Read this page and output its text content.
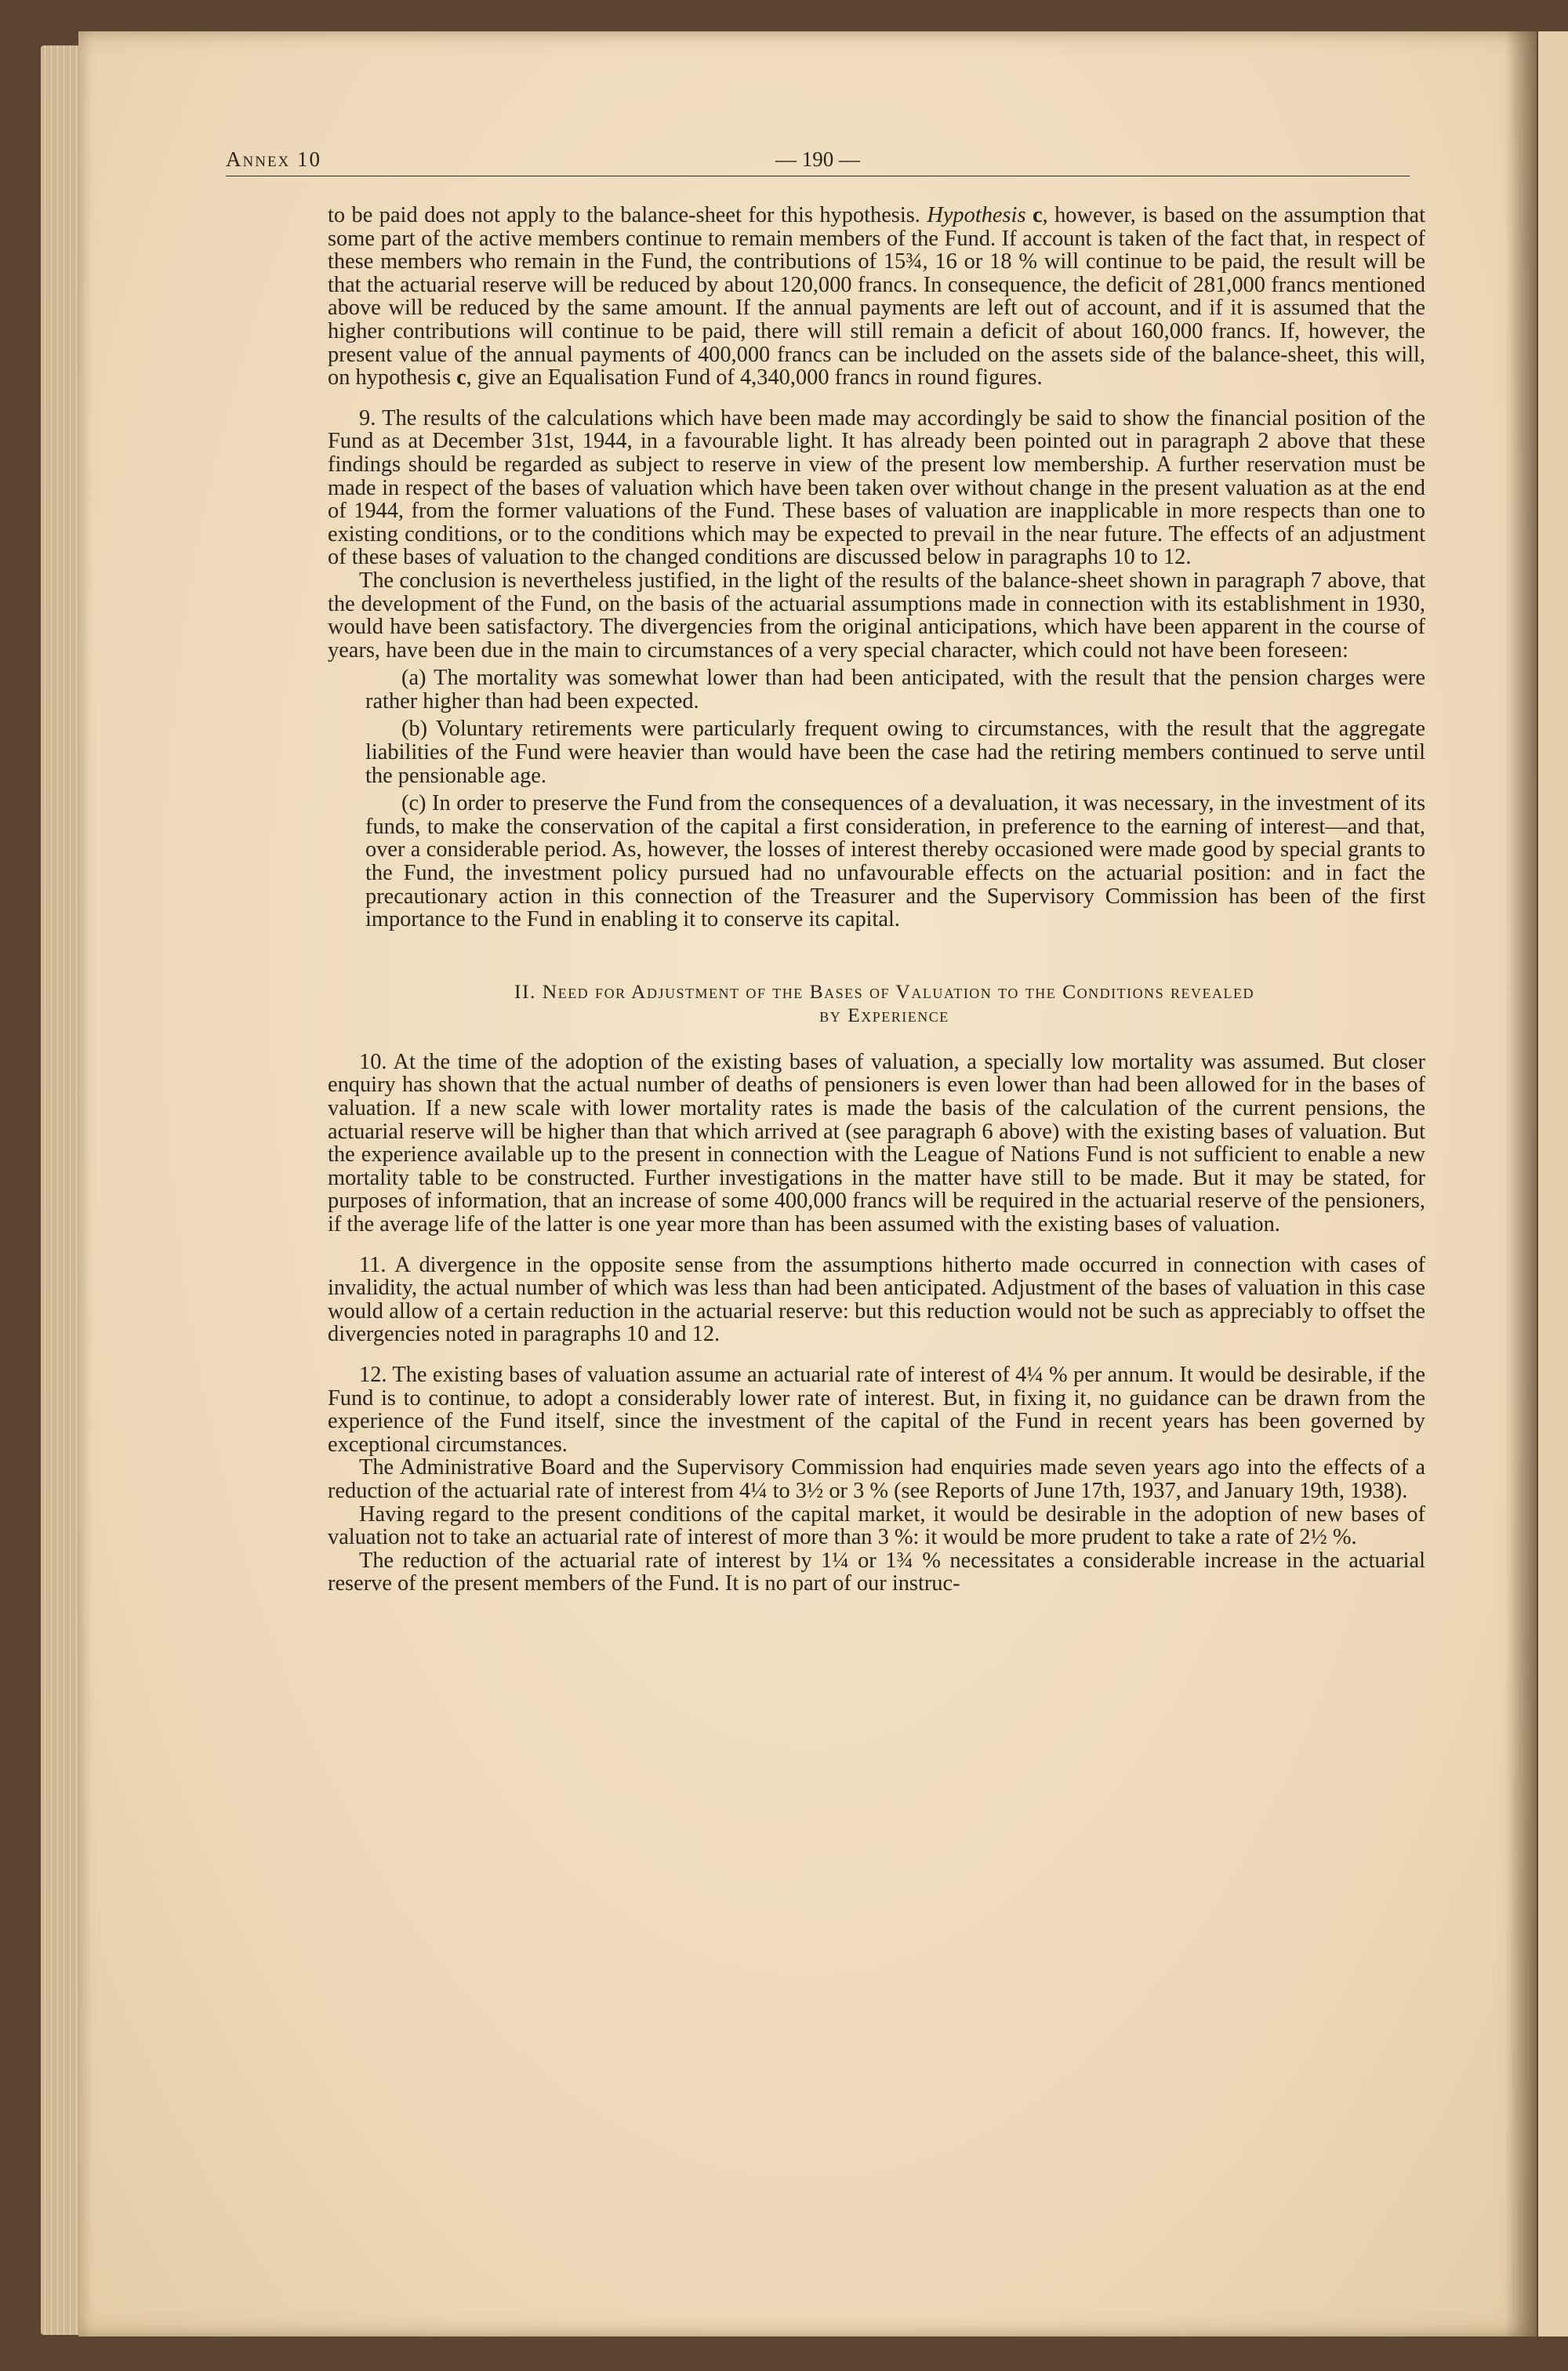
Annex 10	— 190 —

to be paid does not apply to the balance-sheet for this hypothesis. Hypothesis c, however, is based on the assumption that some part of the active members continue to remain members of the Fund. If account is taken of the fact that, in respect of these members who remain in the Fund, the contributions of 15¾, 16 or 18 % will continue to be paid, the result will be that the actuarial reserve will be reduced by about 120,000 francs. In consequence, the deficit of 281,000 francs mentioned above will be reduced by the same amount. If the annual payments are left out of account, and if it is assumed that the higher contributions will continue to be paid, there will still remain a deficit of about 160,000 francs. If, however, the present value of the annual payments of 400,000 francs can be included on the assets side of the balance-sheet, this will, on hypothesis c, give an Equalisation Fund of 4,340,000 francs in round figures.

9. The results of the calculations which have been made may accordingly be said to show the financial position of the Fund as at December 31st, 1944, in a favourable light. It has already been pointed out in paragraph 2 above that these findings should be regarded as subject to reserve in view of the present low membership. A further reservation must be made in respect of the bases of valuation which have been taken over without change in the present valuation as at the end of 1944, from the former valuations of the Fund. These bases of valuation are inapplicable in more respects than one to existing conditions, or to the conditions which may be expected to prevail in the near future. The effects of an adjustment of these bases of valuation to the changed conditions are discussed below in paragraphs 10 to 12.

The conclusion is nevertheless justified, in the light of the results of the balance-sheet shown in paragraph 7 above, that the development of the Fund, on the basis of the actuarial assumptions made in connection with its establishment in 1930, would have been satisfactory. The divergencies from the original anticipations, which have been apparent in the course of years, have been due in the main to circumstances of a very special character, which could not have been foreseen:

(a) The mortality was somewhat lower than had been anticipated, with the result that the pension charges were rather higher than had been expected.

(b) Voluntary retirements were particularly frequent owing to circumstances, with the result that the aggregate liabilities of the Fund were heavier than would have been the case had the retiring members continued to serve until the pensionable age.

(c) In order to preserve the Fund from the consequences of a devaluation, it was necessary, in the investment of its funds, to make the conservation of the capital a first consideration, in preference to the earning of interest—and that, over a considerable period. As, however, the losses of interest thereby occasioned were made good by special grants to the Fund, the investment policy pursued had no unfavourable effects on the actuarial position: and in fact the precautionary action in this connection of the Treasurer and the Supervisory Commission has been of the first importance to the Fund in enabling it to conserve its capital.

II. Need for Adjustment of the Bases of Valuation to the Conditions revealed
by Experience

10. At the time of the adoption of the existing bases of valuation, a specially low mortality was assumed. But closer enquiry has shown that the actual number of deaths of pensioners is even lower than had been allowed for in the bases of valuation. If a new scale with lower mortality rates is made the basis of the calculation of the current pensions, the actuarial reserve will be higher than that which arrived at (see paragraph 6 above) with the existing bases of valuation. But the experience available up to the present in connection with the League of Nations Fund is not sufficient to enable a new mortality table to be constructed. Further investigations in the matter have still to be made. But it may be stated, for purposes of information, that an increase of some 400,000 francs will be required in the actuarial reserve of the pensioners, if the average life of the latter is one year more than has been assumed with the existing bases of valuation.

11. A divergence in the opposite sense from the assumptions hitherto made occurred in connection with cases of invalidity, the actual number of which was less than had been anticipated. Adjustment of the bases of valuation in this case would allow of a certain reduction in the actuarial reserve: but this reduction would not be such as appreciably to offset the divergencies noted in paragraphs 10 and 12.

12. The existing bases of valuation assume an actuarial rate of interest of 4¼ % per annum. It would be desirable, if the Fund is to continue, to adopt a considerably lower rate of interest. But, in fixing it, no guidance can be drawn from the experience of the Fund itself, since the investment of the capital of the Fund in recent years has been governed by exceptional circumstances.

The Administrative Board and the Supervisory Commission had enquiries made seven years ago into the effects of a reduction of the actuarial rate of interest from 4¼ to 3½ or 3 % (see Reports of June 17th, 1937, and January 19th, 1938).

Having regard to the present conditions of the capital market, it would be desirable in the adoption of new bases of valuation not to take an actuarial rate of interest of more than 3 %: it would be more prudent to take a rate of 2½ %.

The reduction of the actuarial rate of interest by 1¼ or 1¾ % necessitates a considerable increase in the actuarial reserve of the present members of the Fund. It is no part of our instruc-
